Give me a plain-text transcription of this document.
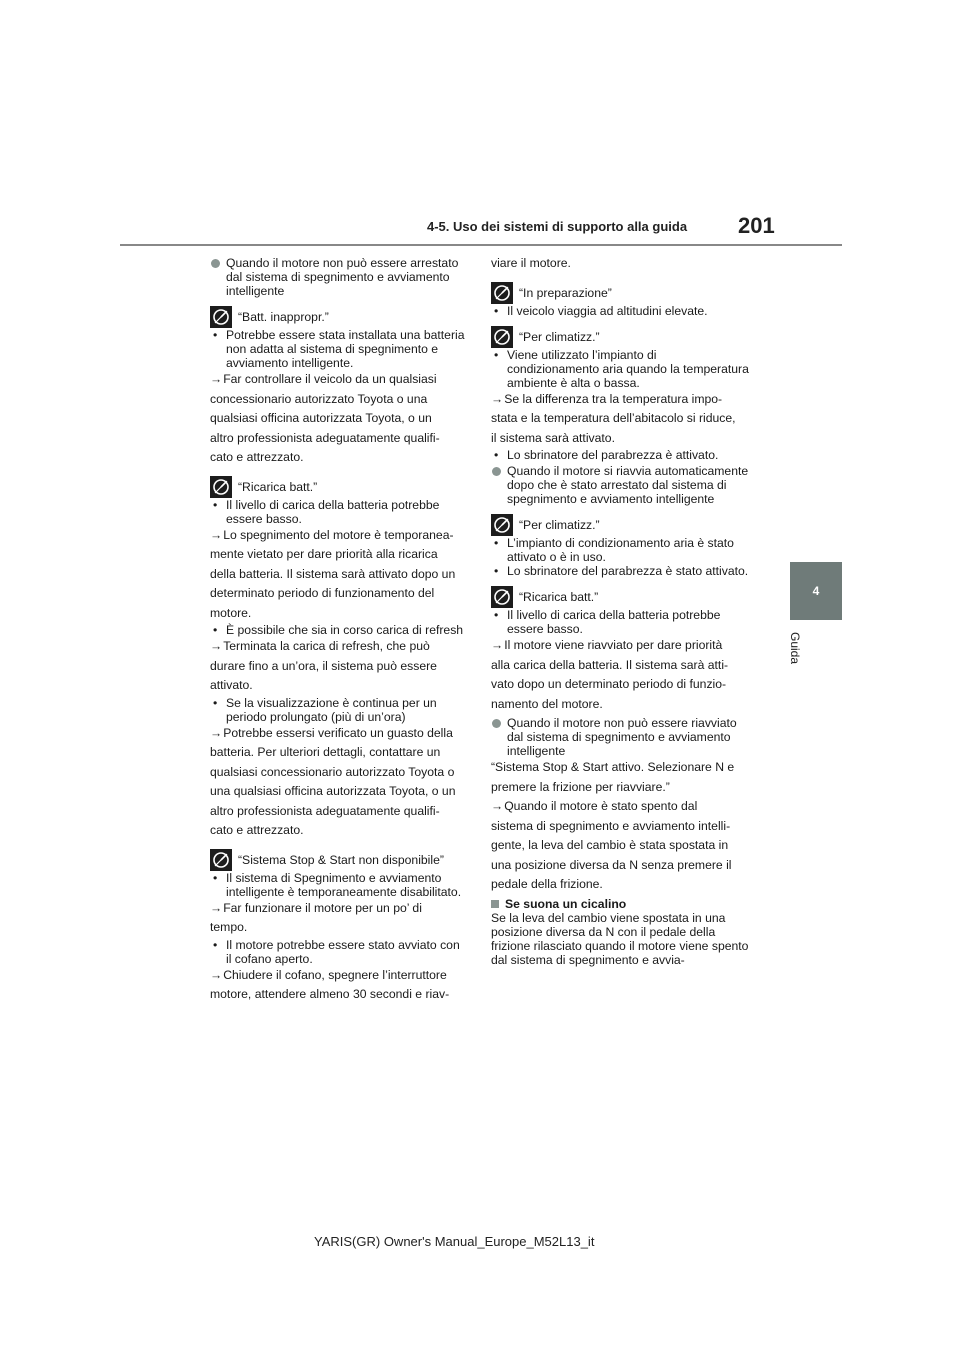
4-5. Uso dei sistemi di supporto alla guida 201
4
Guida
Quando il motore non può essere arrestato dal sistema di spegnimento e avviamento intelligente
“Batt. inappropr.”
• Potrebbe essere stata installata una batteria non adatta al sistema di spegnimento e avviamento intelligente.
→Far controllare il veicolo da un qualsiasi
concessionario autorizzato Toyota o una
qualsiasi officina autorizzata Toyota, o un
altro professionista adeguatamente qualifi-
cato e attrezzato.
“Ricarica batt.”
• Il livello di carica della batteria potrebbe essere basso.
→Lo spegnimento del motore è temporanea-
mente vietato per dare priorità alla ricarica
della batteria. Il sistema sarà attivato dopo un
determinato periodo di funzionamento del
motore.
• È possibile che sia in corso carica di refresh
→Terminata la carica di refresh, che può
durare fino a un’ora, il sistema può essere
attivato.
• Se la visualizzazione è continua per un periodo prolungato (più di un’ora)
→Potrebbe essersi verificato un guasto della
batteria. Per ulteriori dettagli, contattare un
qualsiasi concessionario autorizzato Toyota o
una qualsiasi officina autorizzata Toyota, o un
altro professionista adeguatamente qualifi-
cato e attrezzato.
“Sistema Stop & Start non disponibile”
• Il sistema di Spegnimento e avviamento intelligente è temporaneamente disabilitato.
→Far funzionare il motore per un po’ di
tempo.
• Il motore potrebbe essere stato avviato con il cofano aperto.
→Chiudere il cofano, spegnere l’interruttore
motore, attendere almeno 30 secondi e riav-
viare il motore.
“In preparazione”
• Il veicolo viaggia ad altitudini elevate.
“Per climatizz.”
• Viene utilizzato l’impianto di condizionamento aria quando la temperatura ambiente è alta o bassa.
→Se la differenza tra la temperatura impo-
stata e la temperatura dell’abitacolo si riduce,
il sistema sarà attivato.
• Lo sbrinatore del parabrezza è attivato.
Quando il motore si riavvia automaticamente dopo che è stato arrestato dal sistema di spegnimento e avviamento intelligente
“Per climatizz.”
• L’impianto di condizionamento aria è stato attivato o è in uso.
• Lo sbrinatore del parabrezza è stato attivato.
“Ricarica batt.”
• Il livello di carica della batteria potrebbe essere basso.
→Il motore viene riavviato per dare priorità
alla carica della batteria. Il sistema sarà atti-
vato dopo un determinato periodo di funzio-
namento del motore.
Quando il motore non può essere riavviato dal sistema di spegnimento e avviamento intelligente
“Sistema Stop & Start attivo. Selezionare N e
premere la frizione per riavviare.”
→Quando il motore è stato spento dal
sistema di spegnimento e avviamento intelli-
gente, la leva del cambio è stata spostata in
una posizione diversa da N senza premere il
pedale della frizione.
Se suona un cicalino
Se la leva del cambio viene spostata in una posizione diversa da N con il pedale della frizione rilasciato quando il motore viene spento dal sistema di spegnimento e avvia-
YARIS(GR) Owner's Manual_Europe_M52L13_it
